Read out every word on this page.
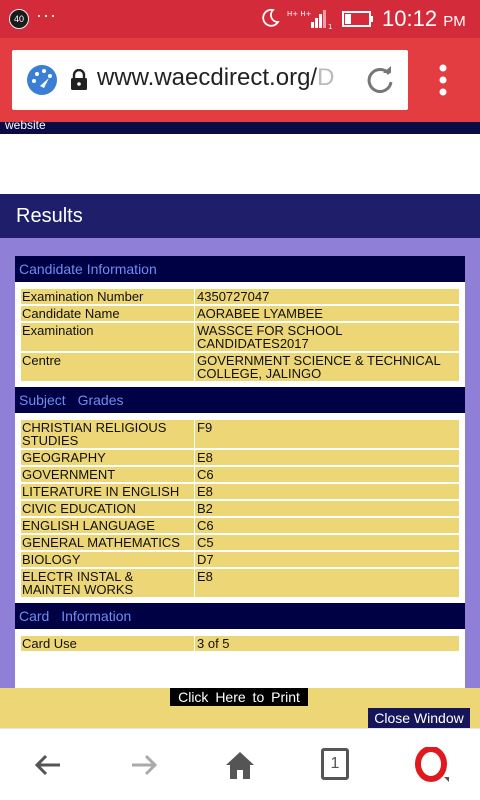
40 ···	H+ H+
1 10:12 PM
www.waecdirect.org/D
website
Results
Candidate Information
Examination Number	4350727047
Candidate Name	AORABEE LYAMBEE
Examination	WASSCE FOR SCHOOL CANDIDATES2017
Centre	GOVERNMENT SCIENCE & TECHNICAL COLLEGE, JALINGO
Subject Grades
CHRISTIAN RELIGIOUS STUDIES	F9
GEOGRAPHY	E8
GOVERNMENT	C6
LITERATURE IN ENGLISH	E8
CIVIC EDUCATION	B2
ENGLISH LANGUAGE	C6
GENERAL MATHEMATICS	C5
BIOLOGY	D7
ELECTR INSTAL & MAINTEN WORKS	E8
Card Information
Card Use	3 of 5
Click Here to Print
Close Window
1
